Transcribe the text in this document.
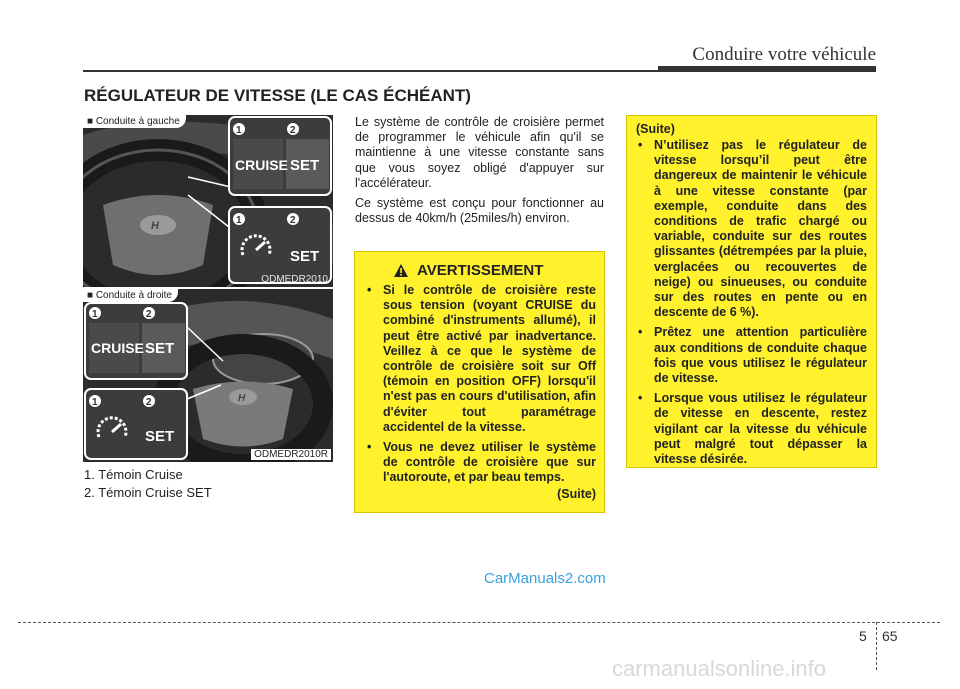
Conduire votre véhicule
RÉGULATEUR DE VITESSE (LE CAS ÉCHÉANT)
H
1	2
CRUISE SET
1	2
SET
■ Conduite à gauche
ODMEDR2010
H
1	2
CRUISE SET
1	2
SET
■ Conduite à droite
ODMEDR2010R
1. Témoin Cruise
2. Témoin Cruise SET

Le système de contrôle de croisière permet de programmer le véhicule afin qu'il se maintienne à une vitesse constante sans que vous soyez obligé d'appuyer sur l'accélérateur.

Ce système est conçu pour fonctionner au dessus de 40km/h (25miles/h) environ.

AVERTISSEMENT
• Si le contrôle de croisière reste sous tension (voyant CRUISE du combiné d'instruments allumé), il peut être activé par inadvertance. Veillez à ce que le système de contrôle de croisière soit sur Off (témoin en position OFF) lorsqu'il n'est pas en cours d'utilisation, afin d'éviter tout paramétrage accidentel de la vitesse.
• Vous ne devez utiliser le système de contrôle de croisière que sur l'autoroute, et par beau temps.
(Suite)
(Suite)
• N’utilisez pas le régulateur de vitesse lorsqu’il peut être dangereux de maintenir le véhicule à une vitesse constante (par exemple, conduite dans des conditions de trafic chargé ou variable, conduite sur des routes glissantes (détrempées par la pluie, verglacées ou recouvertes de neige) ou sinueuses, ou conduite sur des routes en pente ou en descente de 6 %).
• Prêtez une attention particulière aux conditions de conduite chaque fois que vous utilisez le régulateur de vitesse.
• Lorsque vous utilisez le régulateur de vitesse en descente, restez vigilant car la vitesse du véhicule peut malgré tout dépasser la vitesse désirée.
CarManuals2.com
5 65
carmanualsonline.info
